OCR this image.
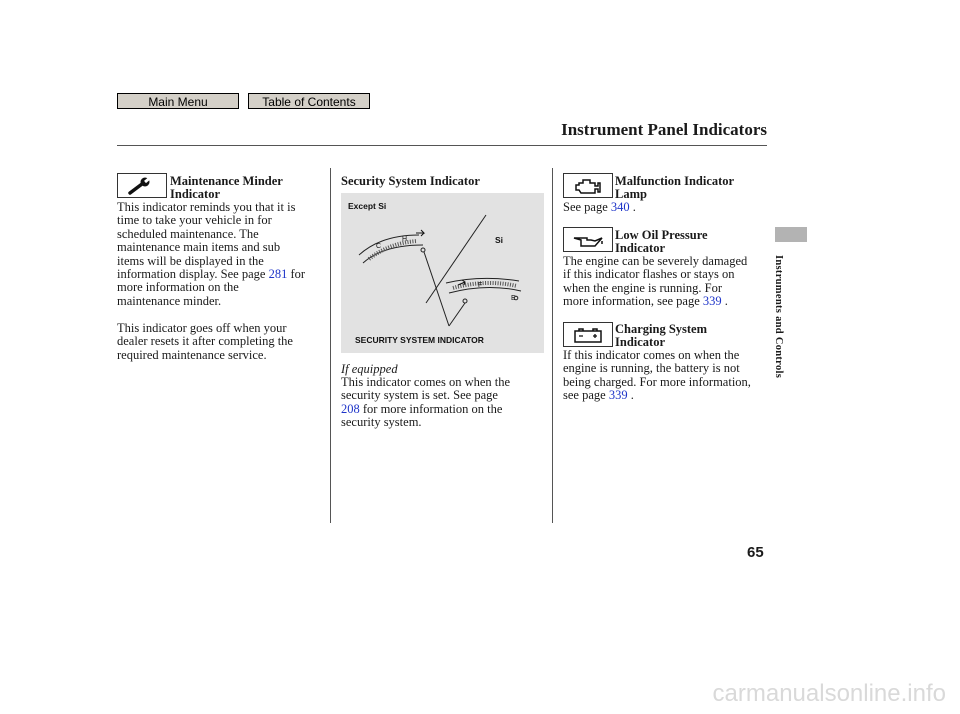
Main Menu	Table of Contents
Instrument Panel Indicators
Maintenance Minder
Indicator
This indicator reminds you that it is
time to take your vehicle in for
scheduled maintenance. The
maintenance main items and sub
items will be displayed in the
information display. See page 281 for
more information on the
maintenance minder.
This indicator goes off when your
dealer resets it after completing the
required maintenance service.
Security System Indicator
C
H
F
E
Except Si
Si
SECURITY SYSTEM INDICATOR
If equipped
This indicator comes on when the
security system is set. See page
208 for more information on the
security system.
Malfunction Indicator
Lamp
See page 340 .
Low Oil Pressure
Indicator
The engine can be severely damaged
if this indicator flashes or stays on
when the engine is running. For
more information, see page 339 .
Charging System
Indicator
If this indicator comes on when the
engine is running, the battery is not
being charged. For more information,
see page 339 .
Instruments and Controls
65
carmanualsonline.info
